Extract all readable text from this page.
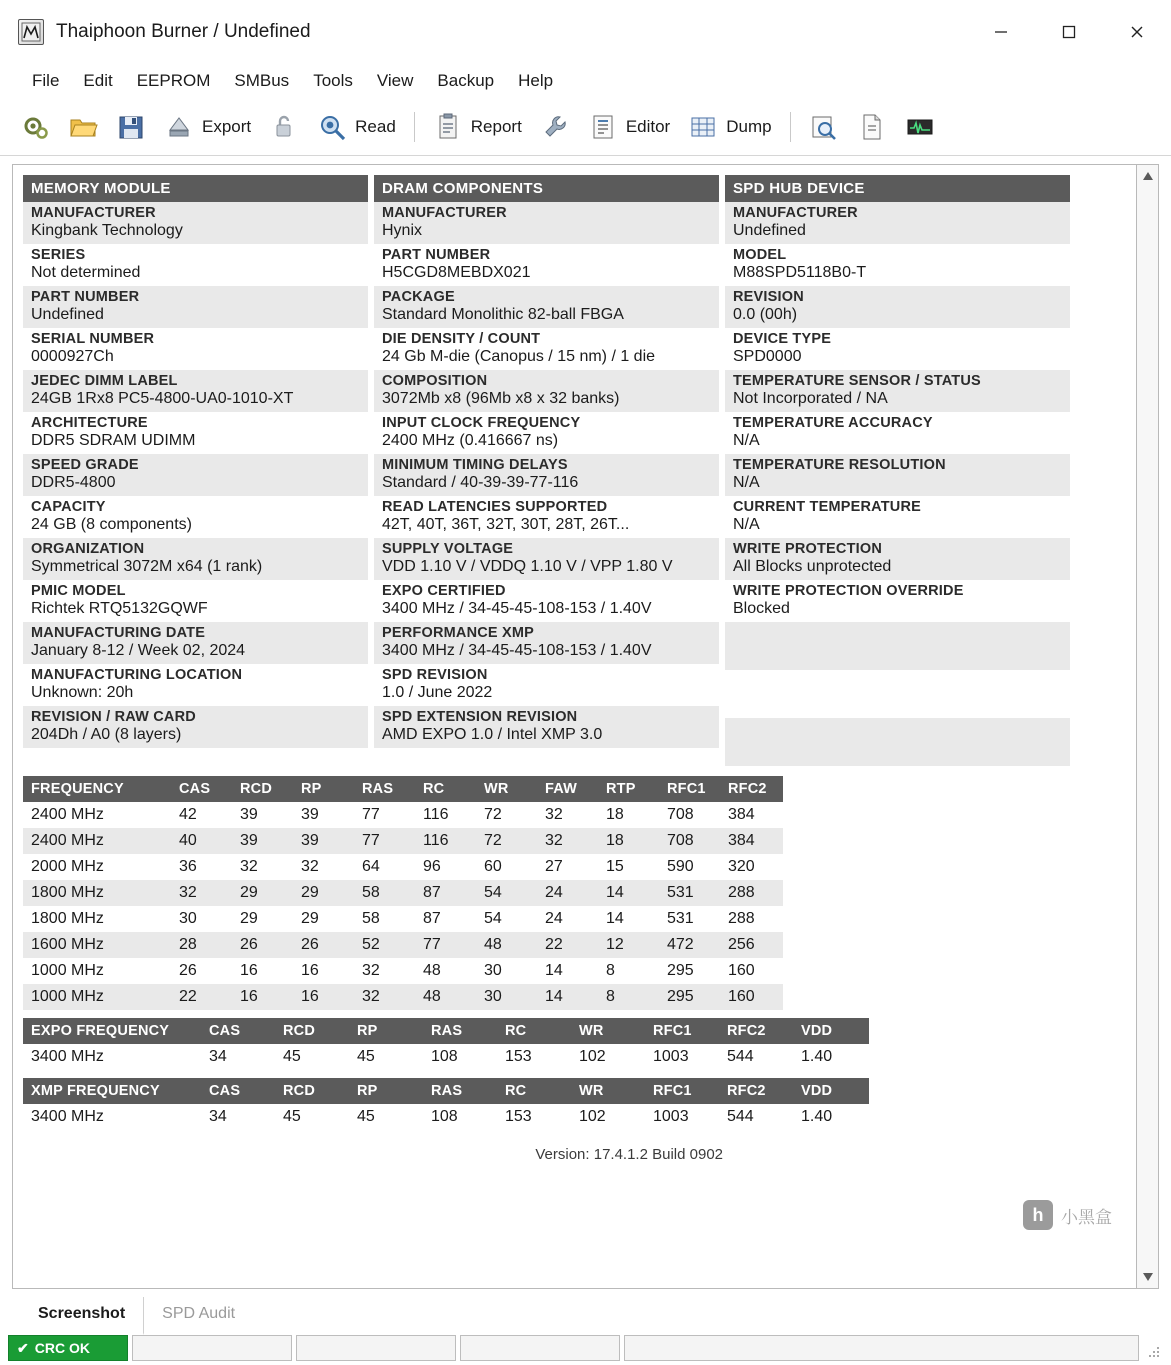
Thaiphoon Burner / Undefined
File	Edit	EEPROM	SMBus	Tools	View	Backup	Help
Export	Read	Report	Editor	Dump
MEMORY MODULE
MANUFACTURER
Kingbank Technology
SERIES
Not determined
PART NUMBER
Undefined
SERIAL NUMBER
0000927Ch
JEDEC DIMM LABEL
24GB 1Rx8 PC5-4800-UA0-1010-XT
ARCHITECTURE
DDR5 SDRAM UDIMM
SPEED GRADE
DDR5-4800
CAPACITY
24 GB (8 components)
ORGANIZATION
Symmetrical 3072M x64 (1 rank)
PMIC MODEL
Richtek RTQ5132GQWF
MANUFACTURING DATE
January 8-12 / Week 02, 2024
MANUFACTURING LOCATION
Unknown: 20h
REVISION / RAW CARD
204Dh / A0 (8 layers)
DRAM COMPONENTS
MANUFACTURER
Hynix
PART NUMBER
H5CGD8MEBDX021
PACKAGE
Standard Monolithic 82-ball FBGA
DIE DENSITY / COUNT
24 Gb M-die (Canopus / 15 nm) / 1 die
COMPOSITION
3072Mb x8 (96Mb x8 x 32 banks)
INPUT CLOCK FREQUENCY
2400 MHz (0.416667 ns)
MINIMUM TIMING DELAYS
Standard / 40-39-39-77-116
READ LATENCIES SUPPORTED
42T, 40T, 36T, 32T, 30T, 28T, 26T...
SUPPLY VOLTAGE
VDD 1.10 V / VDDQ 1.10 V / VPP 1.80 V
EXPO CERTIFIED
3400 MHz / 34-45-45-108-153 / 1.40V
PERFORMANCE XMP
3400 MHz / 34-45-45-108-153 / 1.40V
SPD REVISION
1.0 / June 2022
SPD EXTENSION REVISION
AMD EXPO 1.0 / Intel XMP 3.0
SPD HUB DEVICE
MANUFACTURER
Undefined
MODEL
M88SPD5118B0-T
REVISION
0.0 (00h)
DEVICE TYPE
SPD0000
TEMPERATURE SENSOR / STATUS
Not Incorporated / NA
TEMPERATURE ACCURACY
N/A
TEMPERATURE RESOLUTION
N/A
CURRENT TEMPERATURE
N/A
WRITE PROTECTION
All Blocks unprotected
WRITE PROTECTION OVERRIDE
Blocked
FREQUENCY	CAS	RCD	RP	RAS	RC	WR	FAW	RTP	RFC1	RFC2
2400 MHz	42	39	39	77	116	72	32	18	708	384
2400 MHz	40	39	39	77	116	72	32	18	708	384
2000 MHz	36	32	32	64	96	60	27	15	590	320
1800 MHz	32	29	29	58	87	54	24	14	531	288
1800 MHz	30	29	29	58	87	54	24	14	531	288
1600 MHz	28	26	26	52	77	48	22	12	472	256
1000 MHz	26	16	16	32	48	30	14	8	295	160
1000 MHz	22	16	16	32	48	30	14	8	295	160
EXPO FREQUENCY	CAS	RCD	RP	RAS	RC	WR	RFC1	RFC2	VDD
3400 MHz	34	45	45	108	153	102	1003	544	1.40
XMP FREQUENCY	CAS	RCD	RP	RAS	RC	WR	RFC1	RFC2	VDD
3400 MHz	34	45	45	108	153	102	1003	544	1.40
Version: 17.4.1.2 Build 0902
h	小黑盒
Screenshot	SPD Audit
✔ CRC OK
